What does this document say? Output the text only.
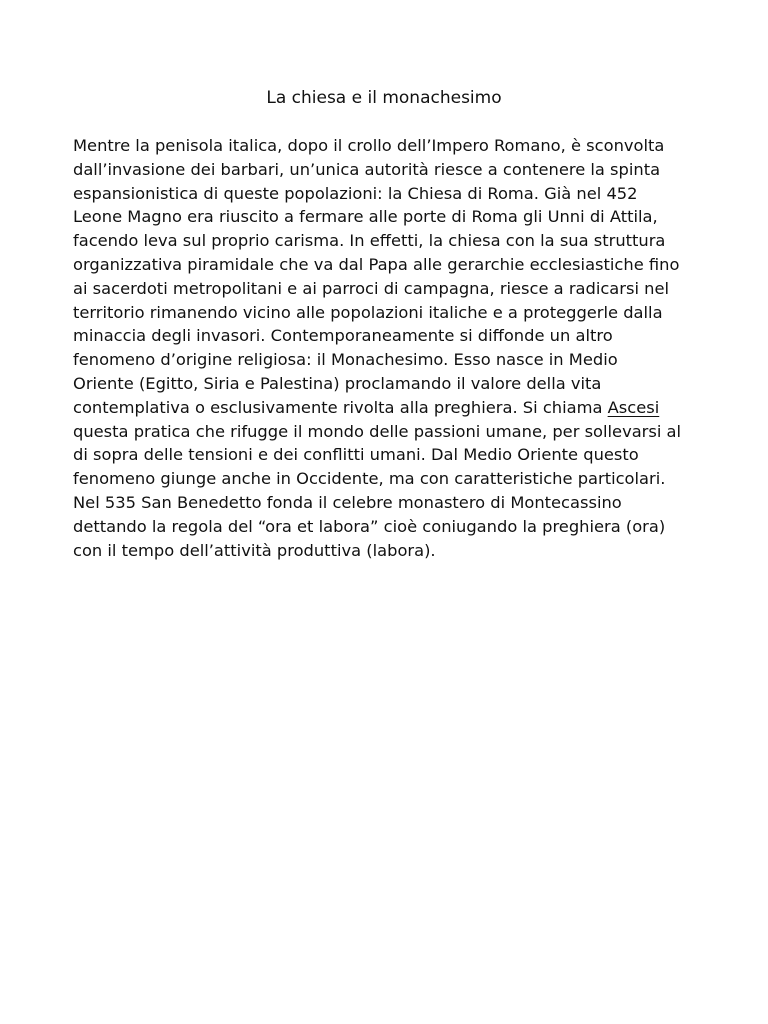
La chiesa e il monachesimo
Mentre la penisola italica, dopo il crollo dell’Impero Romano, è sconvolta
dall’invasione dei barbari, un’unica autorità riesce a contenere la spinta
espansionistica di queste popolazioni: la Chiesa di Roma. Già nel 452
Leone Magno era riuscito a fermare alle porte di Roma gli Unni di Attila,
facendo leva sul proprio carisma. In effetti, la chiesa con la sua struttura
organizzativa piramidale che va dal Papa alle gerarchie ecclesiastiche fino
ai sacerdoti metropolitani e ai parroci di campagna, riesce a radicarsi nel
territorio rimanendo vicino alle popolazioni italiche e a proteggerle dalla
minaccia degli invasori. Contemporaneamente si diffonde un altro
fenomeno d’origine religiosa: il Monachesimo. Esso nasce in Medio
Oriente (Egitto, Siria e Palestina) proclamando il valore della vita
contemplativa o esclusivamente rivolta alla preghiera. Si chiama Ascesi
questa pratica che rifugge il mondo delle passioni umane, per sollevarsi al
di sopra delle tensioni e dei conflitti umani. Dal Medio Oriente questo
fenomeno giunge anche in Occidente, ma con caratteristiche particolari.
Nel 535 San Benedetto fonda il celebre monastero di Montecassino
dettando la regola del “ora et labora” cioè coniugando la preghiera (ora)
con il tempo dell’attività produttiva (labora).
